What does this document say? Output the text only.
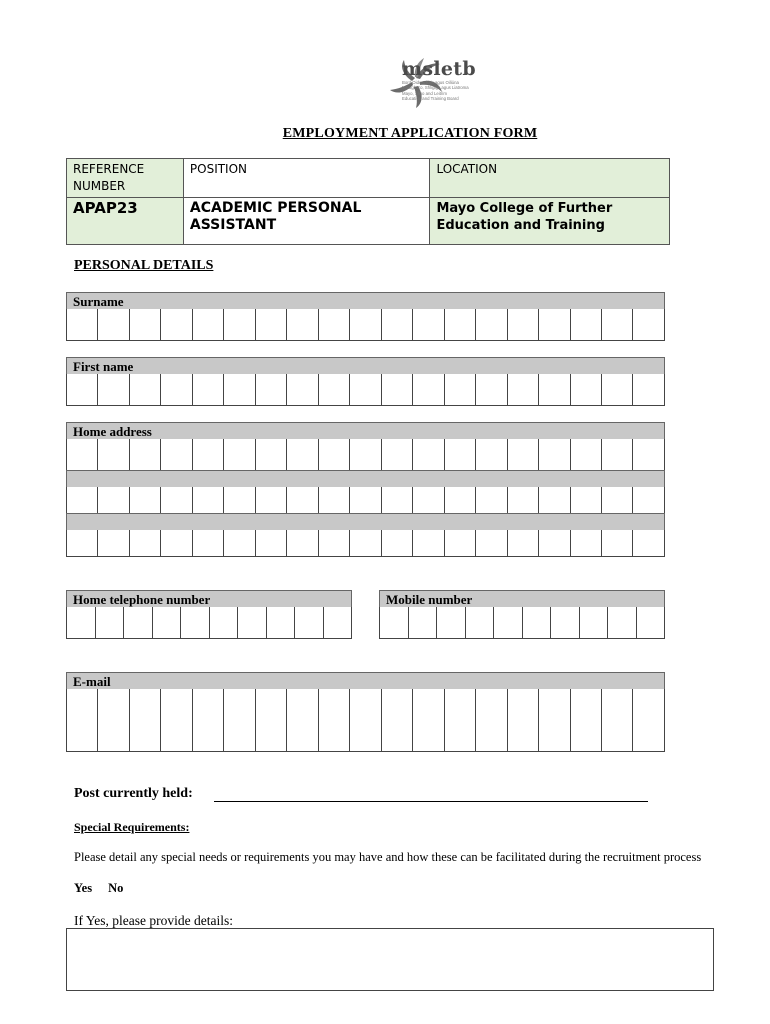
msletb
Bord Oideachais agus Oiliúna
Mhaigh Eo, Shligigh agus Liatroma
Mayo, Sligo and Leitrim
Education and Training Board
EMPLOYMENT APPLICATION FORM
REFERENCE NUMBER	POSITION	LOCATION
APAP23	ACADEMIC PERSONAL ASSISTANT	Mayo College of Further Education and Training
PERSONAL DETAILS
Surname
First name
Home address
Home telephone number	Mobile number
E-mail
Post currently held:
Special Requirements:
Please detail any special needs or requirements you may have and how these can be facilitated during the recruitment process
Yes No
If Yes, please provide details:
